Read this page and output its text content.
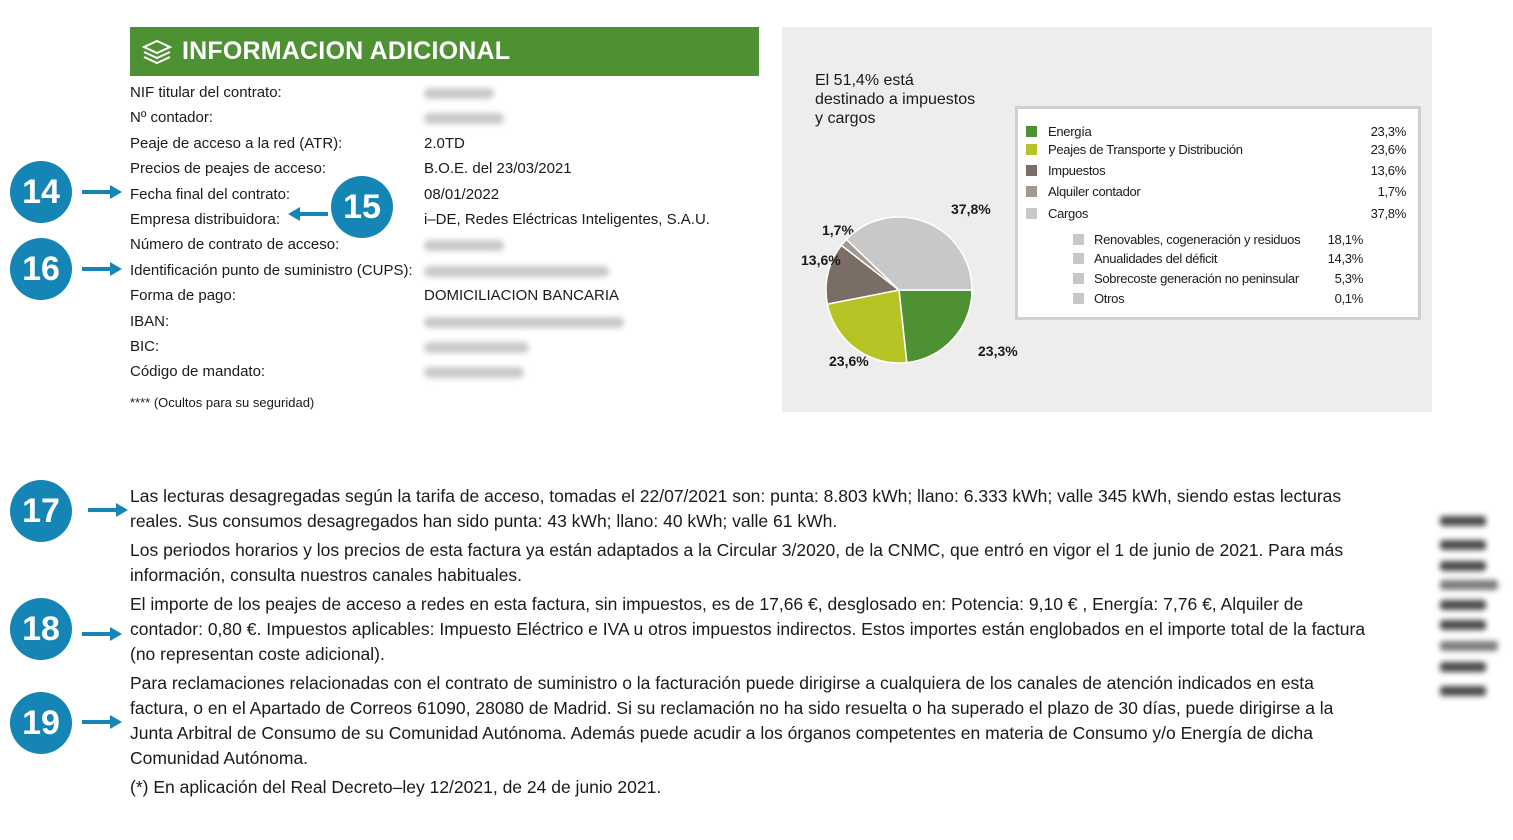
INFORMACION ADICIONAL
NIF titular del contrato:
Nº contador:
Peaje de acceso a la red (ATR):	2.0TD
Precios de peajes de acceso:	B.O.E. del 23/03/2021
Fecha final del contrato:	08/01/2022
Empresa distribuidora:	i–DE, Redes Eléctricas Inteligentes, S.A.U.
Número de contrato de acceso:
Identificación punto de suministro (CUPS):
Forma de pago:	DOMICILIACION BANCARIA
IBAN:
BIC:
Código de mandato:
**** (Ocultos para su seguridad)
14	15
16
17
18
19
El 51,4% está destinado a impuestos y cargos
23,3%
23,6%
13,6%
1,7%
37,8%
Energía	23,3%
Peajes de Transporte y Distribución	23,6%
Impuestos	13,6%
Alquiler contador	1,7%
Cargos	37,8%
Renovables, cogeneración y residuos 18,1%
Anualidades del déficit	14,3%
Sobrecoste generación no peninsular	5,3%
Otros	0,1%
Las lecturas desagregadas según la tarifa de acceso, tomadas el 22/07/2021 son: punta: 8.803 kWh; llano: 6.333 kWh; valle 345 kWh, siendo estas lecturas reales. Sus consumos desagregados han sido punta: 43 kWh; llano: 40 kWh; valle 61 kWh.
Los periodos horarios y los precios de esta factura ya están adaptados a la Circular 3/2020, de la CNMC, que entró en vigor el 1 de junio de 2021. Para más información, consulta nuestros canales habituales.
El importe de los peajes de acceso a redes en esta factura, sin impuestos, es de 17,66 €, desglosado en: Potencia: 9,10 € , Energía: 7,76 €, Alquiler de contador: 0,80 €. Impuestos aplicables: Impuesto Eléctrico e IVA u otros impuestos indirectos. Estos importes están englobados en el importe total de la factura (no representan coste adicional).
Para reclamaciones relacionadas con el contrato de suministro o la facturación puede dirigirse a cualquiera de los canales de atención indicados en esta factura, o en el Apartado de Correos 61090, 28080 de Madrid. Si su reclamación no ha sido resuelta o ha superado el plazo de 30 días, puede dirigirse a la Junta Arbitral de Consumo de su Comunidad Autónoma. Además puede acudir a los órganos competentes en materia de Consumo y/o Energía de dicha Comunidad Autónoma.
(*) En aplicación del Real Decreto–ley 12/2021, de 24 de junio 2021.
